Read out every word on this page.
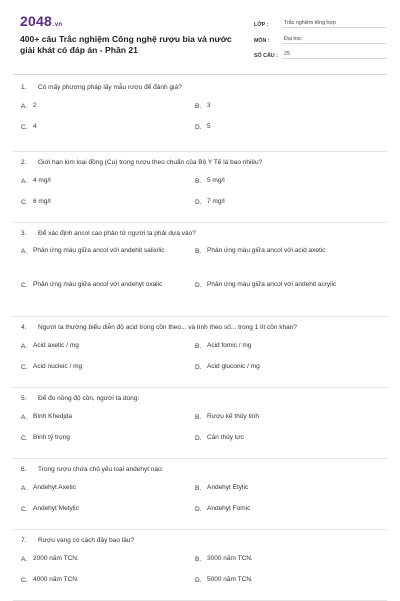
2048.vn
400+ câu Trắc nghiệm Công nghệ rượu bia và nước giải khát có đáp án - Phần 21
LỚP :	Trắc nghiệm tổng hợp
MÔN :	Đại học
SỐ CÂU :	25
1. Có mấy phương pháp lấy mẫu rượu để đánh giá?
A. 2	B. 3
C. 4	D. 5
2. Giới hạn kim loại đồng (Cu) trong rượu theo chuẩn của Bộ Y Tế là bao nhiêu?
A. 4 mg/l	B. 5 mg/l
C. 6 mg/l	D. 7 mg/l
3. Để xác định ancol cao phân tử người ta phải dựa vào?
A. Phản ứng màu giữa ancol với andehit salixilic	B. Phản ứng màu giữa ancol với acid axetic
C. Phản ứng màu giữa ancol với andehyt oxalic	D. Phản ứng màu giữa ancol với andehit acrylic
4. Người ta thường biểu diễn độ acid trong cồn theo... và tính theo số... trong 1 lít cồn khan?
A. Acid axetic / mg	B. Acid fomic / mg
C. Acid nucleic / mg	D. Acid gluconic / mg
5. Để đo nồng độ cồn, người ta dùng:
A. Bình Khedjda	B. Rượu kế thủy tinh
C. Bình tỷ trọng	D. Cân thủy lực
6. Trong rượu chứa chủ yếu loại andehyt nào:
A. Andehyt Axetic	B. Andehyt Etylic
C. Andehyt Metylic	D. Andehyt Fomic
7. Rượu vang có cách đây bao lâu?
A. 2000 năm TCN.	B. 3000 năm TCN.
C. 4000 năm TCN.	D. 5000 năm TCN.
